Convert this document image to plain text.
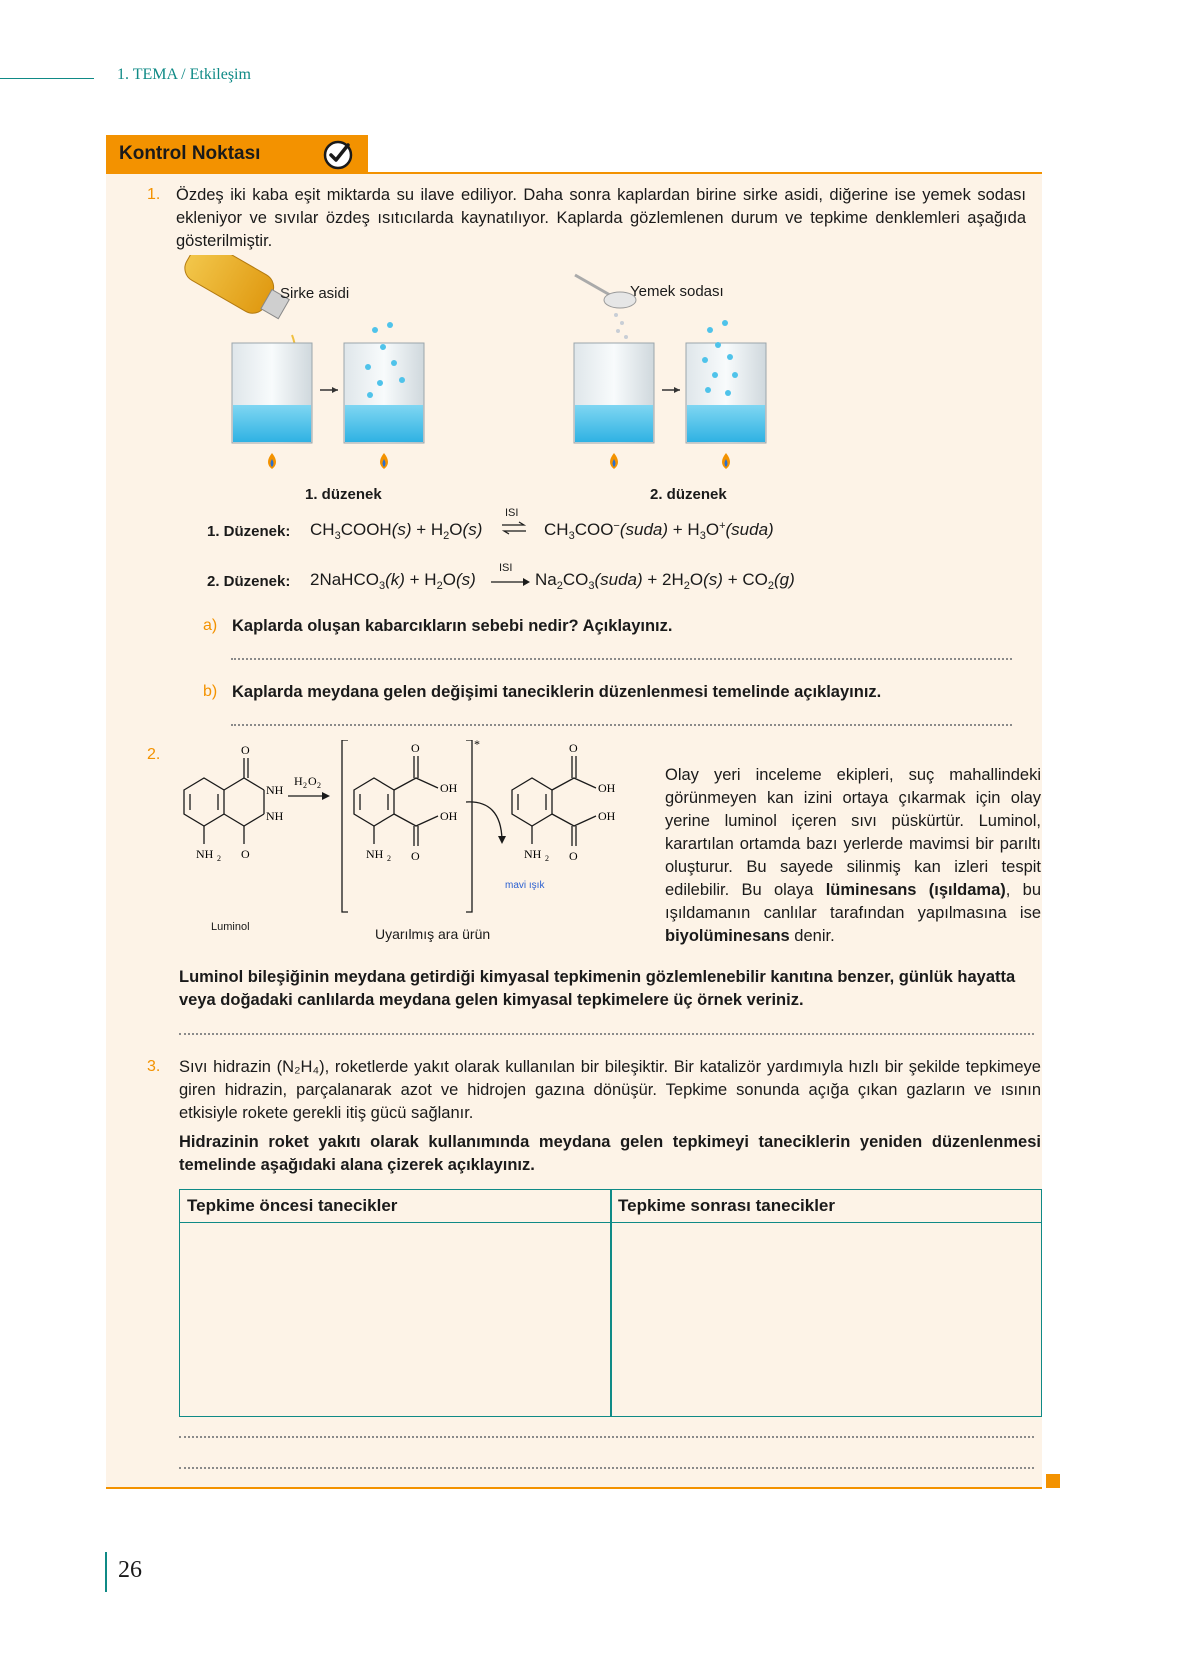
1. TEMA / Etkileşim
Kontrol Noktası
1. Özdeş iki kaba eşit miktarda su ilave ediliyor. Daha sonra kaplardan birine sirke asidi, diğerine ise yemek sodası ekleniyor ve sıvılar özdeş ısıtıcılarda kaynatılıyor. Kaplarda gözlemlenen durum ve tepkime denklemleri aşağıda gösterilmiştir.
Sirke asidi	Yemek sodası
1. düzenek	2. düzenek
1. Düzenek: $CH_3COOH(s) + H_2O(s)$
ISI
⇌ $CH_3COO^-(suda)$ + $H_3O^+(suda)$
2. Düzenek: 2NaHCO$_3$(k) + $H_2O(s)$
ISI
→ $Na_2CO_3(suda) + 2H_2O(s) + CO_2(g)$
a) Kaplarda oluşan kabarcıkların sebebi nedir? Açıklayınız.
b) Kaplarda meydana gelen değişimi taneciklerin düzenlenmesi temelinde açıklayınız.
2.	O
NH
NH
O
NH 2
H 2 O 2
*
O
OH
OH
O
NH 2
O
OH
OH
O
NH 2
Luminol	Uyarılmış ara ürün
mavi ışık
Olay yeri inceleme ekipleri, suç mahallindeki görünmeyen kan izini ortaya çıkarmak için olay yerine luminol içeren sıvı püskürtür. Luminol, karartılan ortamda bazı yerlerde mavimsi bir parıltı oluşturur. Bu sayede silinmiş kan izleri tespit edilebilir. Bu olaya lüminesans (ışıldama), bu ışıldamanın canlılar tarafından yapılmasına ise biyolüminesans denir.
Luminol bileşiğinin meydana getirdiği kimyasal tepkimenin gözlemlenebilir kanıtına benzer, günlük hayatta veya doğadaki canlılarda meydana gelen kimyasal tepkimelere üç örnek veriniz.
3. Sıvı hidrazin (N₂H₄), roketlerde yakıt olarak kullanılan bir bileşiktir. Bir katalizör yardımıyla hızlı bir şekilde tepkimeye giren hidrazin, parçalanarak azot ve hidrojen gazına dönüşür. Tepkime sonunda açığa çıkan gazların ve ısının etkisiyle rokete gerekli itiş gücü sağlanır.
Hidrazinin roket yakıtı olarak kullanımında meydana gelen tepkimeyi taneciklerin yeniden düzenlenmesi temelinde aşağıdaki alana çizerek açıklayınız.
Tepkime öncesi tanecikler	Tepkime sonrası tanecikler
26
